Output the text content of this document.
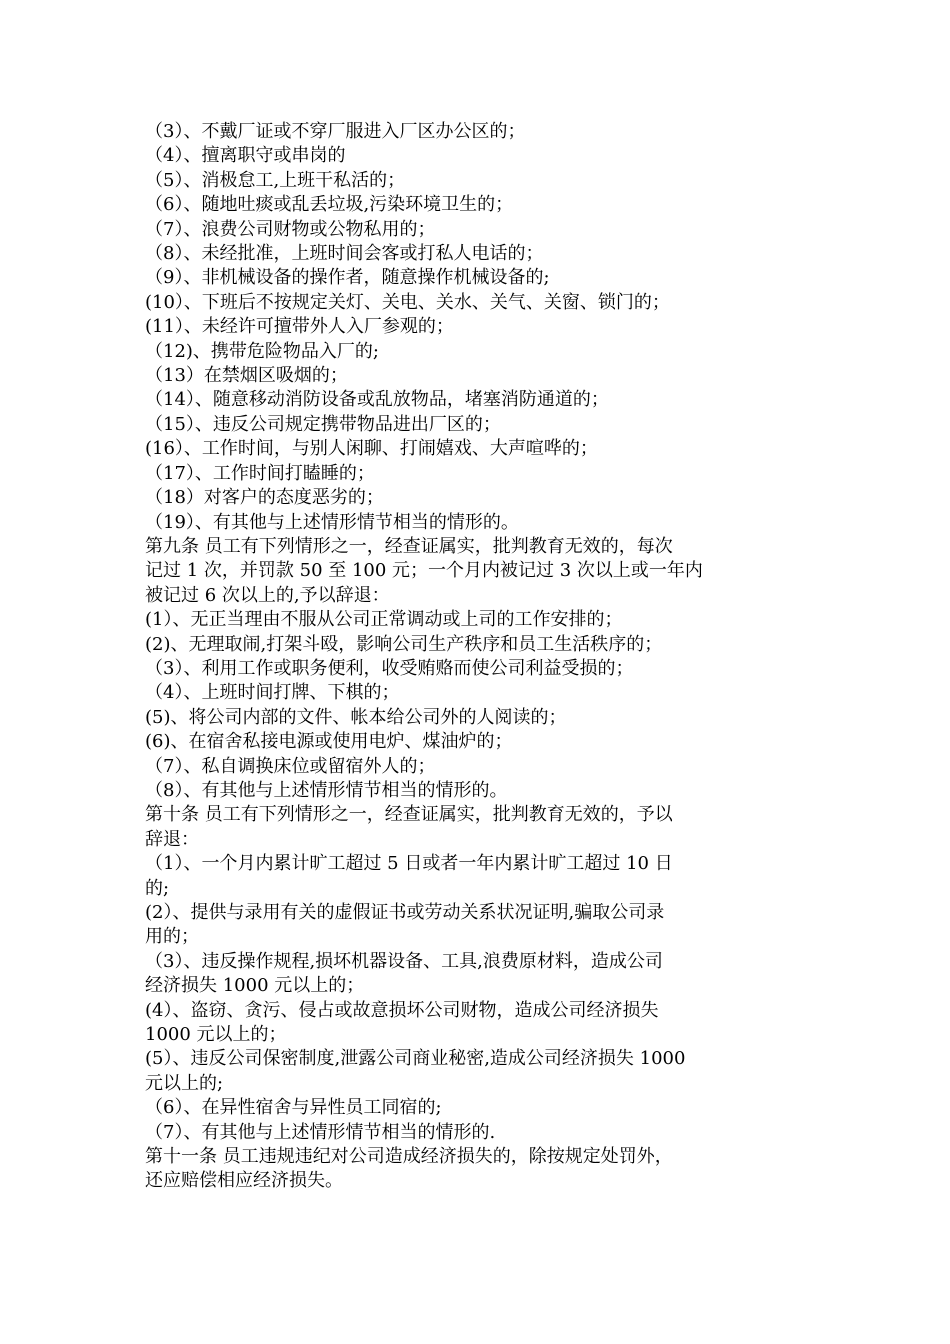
（3）、不戴厂证或不穿厂服进入厂区办公区的；

（4）、擅离职守或串岗的

（5）、消极怠工,上班干私活的；

（6）、随地吐痰或乱丢垃圾,污染环境卫生的；

（7）、浪费公司财物或公物私用的；

（8）、未经批准，上班时间会客或打私人电话的；

（9）、非机械设备的操作者，随意操作机械设备的;

(10）、下班后不按规定关灯、关电、关水、关气、关窗、锁门的；

(11）、未经许可擅带外人入厂参观的；

（12)、携带危险物品入厂的;

（13）在禁烟区吸烟的；

（14）、随意移动消防设备或乱放物品，堵塞消防通道的；

（15）、违反公司规定携带物品进出厂区的；

(16）、工作时间，与别人闲聊、打闹嬉戏、大声喧哗的；

（17）、工作时间打瞌睡的；

（18）对客户的态度恶劣的；

（19）、有其他与上述情形情节相当的情形的。

第九条 员工有下列情形之一，经查证属实，批判教育无效的，每次

记过 1 次，并罚款 50 至 100 元；一个月内被记过 3 次以上或一年内

被记过 6 次以上的,予以辞退：

(1）、无正当理由不服从公司正常调动或上司的工作安排的；

(2)、无理取闹,打架斗殴，影响公司生产秩序和员工生活秩序的；

（3）、利用工作或职务便利，收受贿赂而使公司利益受损的；

（4）、上班时间打牌、下棋的；

(5)、将公司内部的文件、帐本给公司外的人阅读的；

(6)、在宿舍私接电源或使用电炉、煤油炉的；

（7）、私自调换床位或留宿外人的；

（8）、有其他与上述情形情节相当的情形的。

第十条 员工有下列情形之一，经查证属实，批判教育无效的，予以

辞退：

（1）、一个月内累计旷工超过 5 日或者一年内累计旷工超过 10 日

的;

(2）、提供与录用有关的虚假证书或劳动关系状况证明,骗取公司录

用的；

（3）、违反操作规程,损坏机器设备、工具,浪费原材料，造成公司

经济损失 1000 元以上的；

(4）、盗窃、贪污、侵占或故意损坏公司财物，造成公司经济损失

1000 元以上的；

(5）、违反公司保密制度,泄露公司商业秘密,造成公司经济损失 1000

元以上的;

（6）、在异性宿舍与异性员工同宿的;

（7）、有其他与上述情形情节相当的情形的.

第十一条 员工违规违纪对公司造成经济损失的，除按规定处罚外，

还应赔偿相应经济损失。
